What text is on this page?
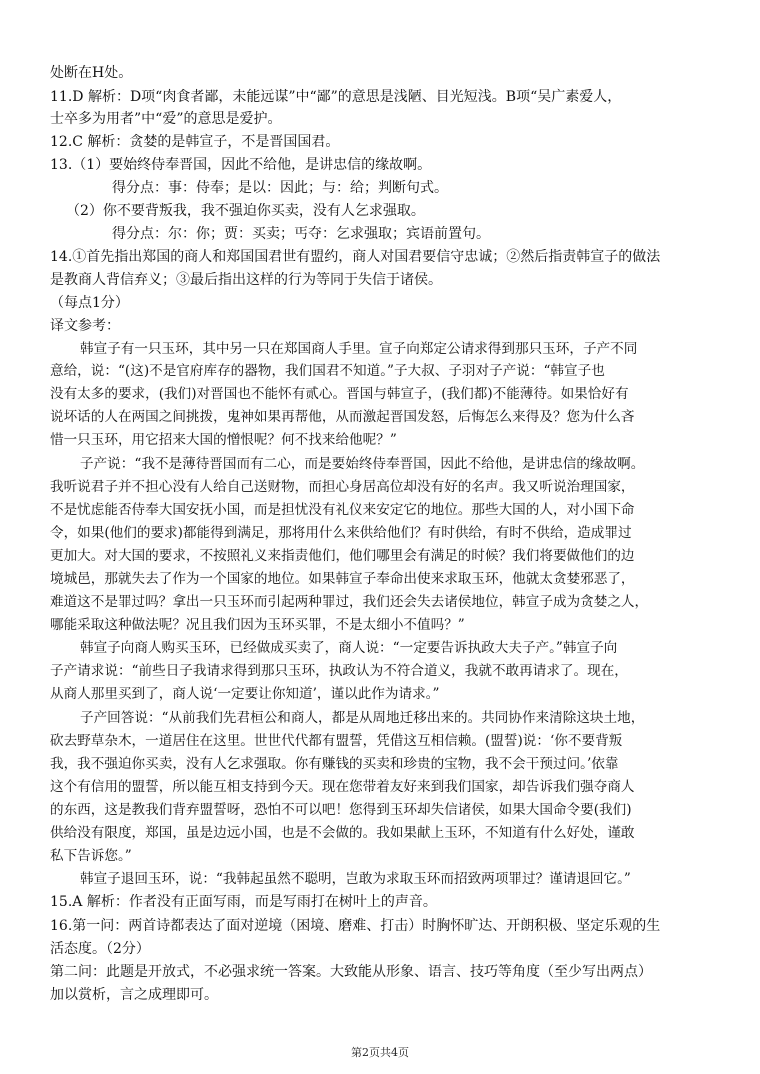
处断在H处。
11.D 解析：D项“肉食者鄙，未能远谋”中“鄙”的意思是浅陋、目光短浅。B项“吴广素爱人，
士卒多为用者”中“爱”的意思是爱护。
12.C 解析：贪婪的是韩宣子，不是晋国国君。
13.（1）要始终侍奉晋国，因此不给他，是讲忠信的缘故啊。
得分点：事：侍奉；是以：因此；与：给；判断句式。
（2）你不要背叛我，我不强迫你买卖，没有人乞求强取。
得分点：尔：你；贾：买卖；丐夺：乞求强取；宾语前置句。
14.①首先指出郑国的商人和郑国国君世有盟约，商人对国君要信守忠诚；②然后指责韩宣子的做法
是教商人背信弃义；③最后指出这样的行为等同于失信于诸侯。
（每点1分）
译文参考：
韩宣子有一只玉环，其中另一只在郑国商人手里。宣子向郑定公请求得到那只玉环，子产不同
意给，说：“(这)不是官府库存的器物，我们国君不知道。”子大叔、子羽对子产说：“韩宣子也
没有太多的要求，(我们)对晋国也不能怀有贰心。晋国与韩宣子，(我们都)不能薄待。如果恰好有
说坏话的人在两国之间挑拨，鬼神如果再帮他，从而激起晋国发怒，后悔怎么来得及？您为什么吝
惜一只玉环，用它招来大国的憎恨呢？何不找来给他呢？”
子产说：“我不是薄待晋国而有二心，而是要始终侍奉晋国，因此不给他，是讲忠信的缘故啊。
我听说君子并不担心没有人给自己送财物，而担心身居高位却没有好的名声。我又听说治理国家，
不是忧虑能否侍奉大国安抚小国，而是担忧没有礼仪来安定它的地位。那些大国的人，对小国下命
令，如果(他们的要求)都能得到满足，那将用什么来供给他们？有时供给，有时不供给，造成罪过
更加大。对大国的要求，不按照礼义来指责他们，他们哪里会有满足的时候？我们将要做他们的边
境城邑，那就失去了作为一个国家的地位。如果韩宣子奉命出使来求取玉环，他就太贪婪邪恶了，
难道这不是罪过吗？拿出一只玉环而引起两种罪过，我们还会失去诸侯地位，韩宣子成为贪婪之人，
哪能采取这种做法呢？况且我们因为玉环买罪，不是太细小不值吗？”
韩宣子向商人购买玉环，已经做成买卖了，商人说：“一定要告诉执政大夫子产。”韩宣子向
子产请求说：“前些日子我请求得到那只玉环，执政认为不符合道义，我就不敢再请求了。现在，
从商人那里买到了，商人说‘一定要让你知道’，谨以此作为请求。”
子产回答说：“从前我们先君桓公和商人，都是从周地迁移出来的。共同协作来清除这块土地，
砍去野草杂木，一道居住在这里。世世代代都有盟誓，凭借这互相信赖。(盟誓)说：‘你不要背叛
我，我不强迫你买卖，没有人乞求强取。你有赚钱的买卖和珍贵的宝物，我不会干预过问。’依靠
这个有信用的盟誓，所以能互相支持到今天。现在您带着友好来到我们国家，却告诉我们强夺商人
的东西，这是教我们背弃盟誓呀，恐怕不可以吧！您得到玉环却失信诸侯，如果大国命令要(我们)
供给没有限度，郑国，虽是边远小国，也是不会做的。我如果献上玉环，不知道有什么好处，谨敢
私下告诉您。”
韩宣子退回玉环，说：“我韩起虽然不聪明，岂敢为求取玉环而招致两项罪过？谨请退回它。”
15.A 解析：作者没有正面写雨，而是写雨打在树叶上的声音。
16.第一问：两首诗都表达了面对逆境（困境、磨难、打击）时胸怀旷达、开朗积极、坚定乐观的生
活态度。（2分）
第二问：此题是开放式，不必强求统一答案。大致能从形象、语言、技巧等角度（至少写出两点）
加以赏析，言之成理即可。
第2页共4页
